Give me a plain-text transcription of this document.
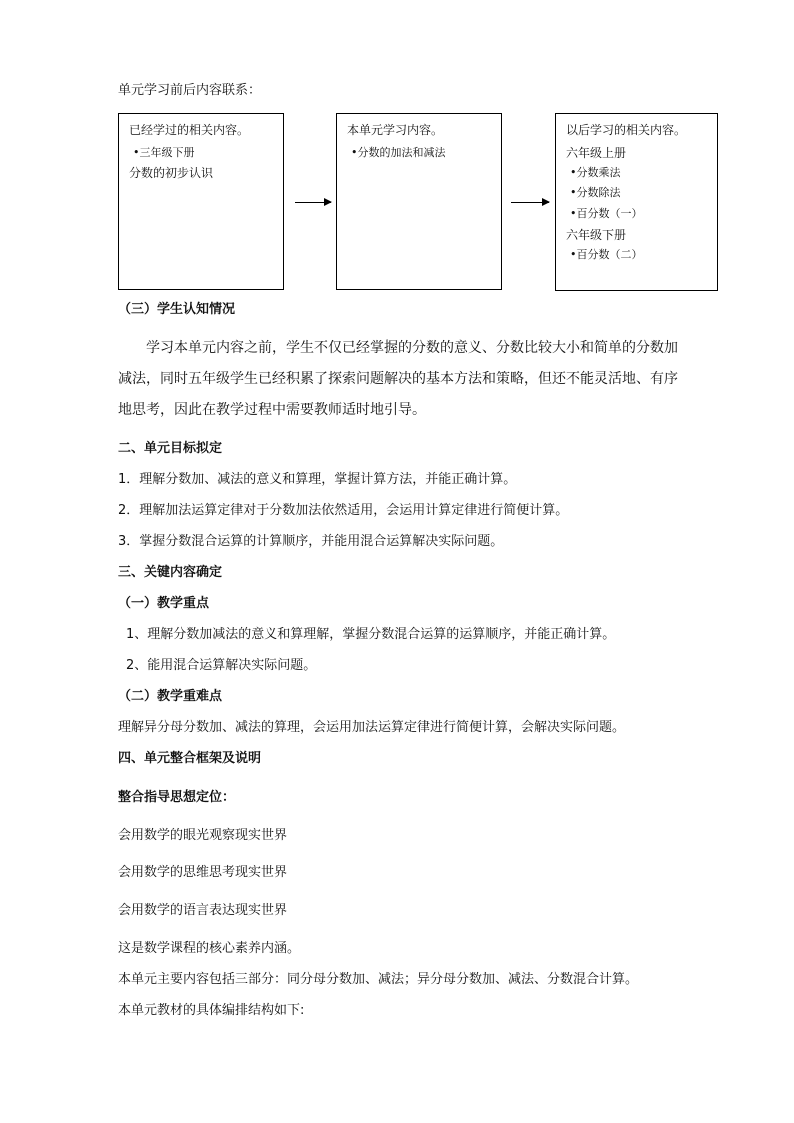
单元学习前后内容联系：
已经学过的相关内容。
•三年级下册
分数的初步认识
本单元学习内容。
•分数的加法和减法
以后学习的相关内容。
六年级上册
•分数乘法
•分数除法
•百分数（一）
六年级下册
•百分数（二）
（三）学生认知情况
学习本单元内容之前，学生不仅已经掌握的分数的意义、分数比较大小和简单的分数加减法，同时五年级学生已经积累了探索问题解决的基本方法和策略，但还不能灵活地、有序地思考，因此在教学过程中需要教师适时地引导。
二、单元目标拟定
1．理解分数加、减法的意义和算理，掌握计算方法，并能正确计算。
2．理解加法运算定律对于分数加法依然适用，会运用计算定律进行简便计算。
3．掌握分数混合运算的计算顺序，并能用混合运算解决实际问题。
三、关键内容确定
（一）教学重点
1、理解分数加减法的意义和算理解，掌握分数混合运算的运算顺序，并能正确计算。
2、能用混合运算解决实际问题。
（二）教学重难点
理解异分母分数加、减法的算理，会运用加法运算定律进行简便计算，会解决实际问题。
四、单元整合框架及说明
整合指导思想定位：
会用数学的眼光观察现实世界
会用数学的思维思考现实世界
会用数学的语言表达现实世界
这是数学课程的核心素养内涵。
本单元主要内容包括三部分：同分母分数加、减法；异分母分数加、减法、分数混合计算。
本单元教材的具体编排结构如下:
